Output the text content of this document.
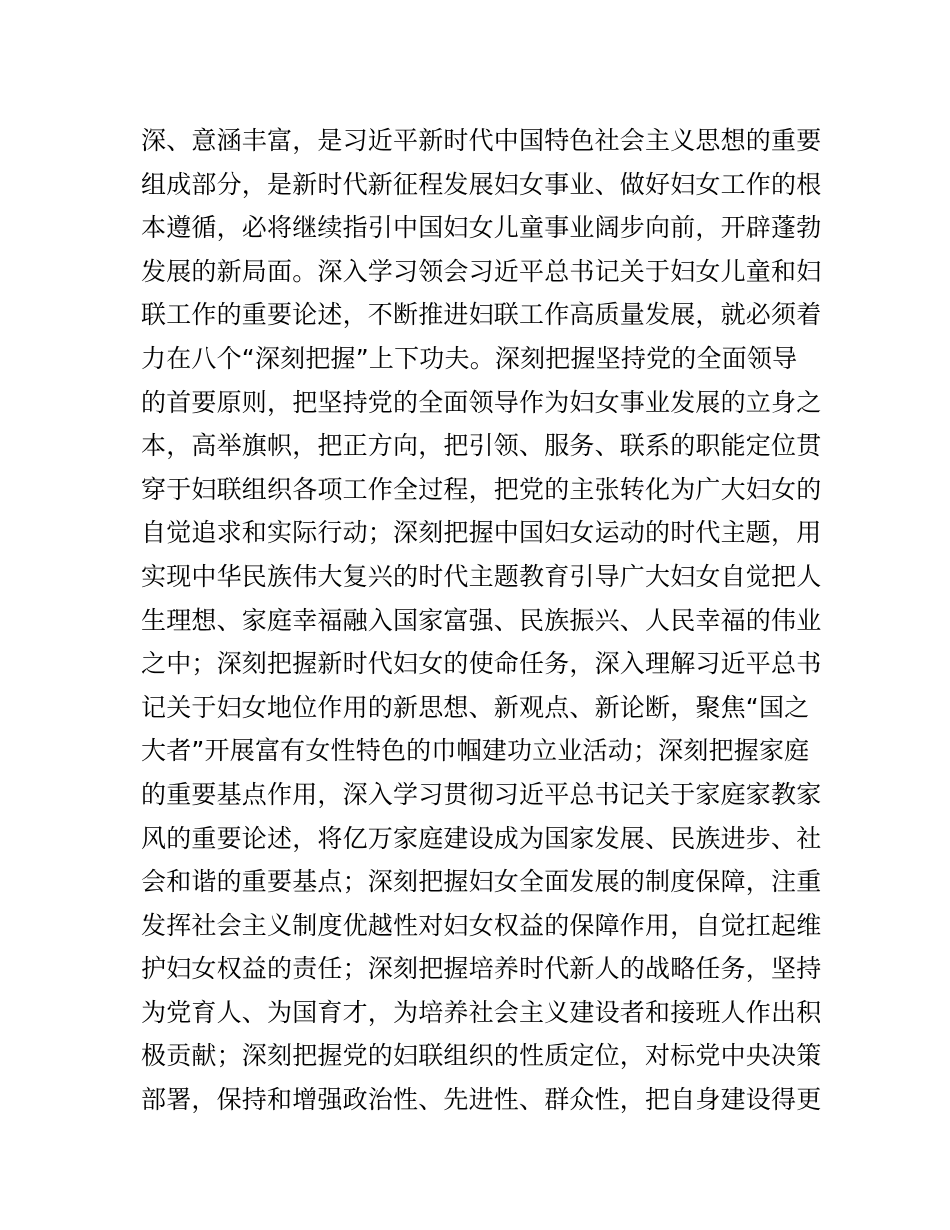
深、意涵丰富，是习近平新时代中国特色社会主义思想的重要
组成部分，是新时代新征程发展妇女事业、做好妇女工作的根
本遵循，必将继续指引中国妇女儿童事业阔步向前，开辟蓬勃
发展的新局面。深入学习领会习近平总书记关于妇女儿童和妇
联工作的重要论述，不断推进妇联工作高质量发展，就必须着
力在八个“深刻把握”上下功夫。深刻把握坚持党的全面领导
的首要原则，把坚持党的全面领导作为妇女事业发展的立身之
本，高举旗帜，把正方向，把引领、服务、联系的职能定位贯
穿于妇联组织各项工作全过程，把党的主张转化为广大妇女的
自觉追求和实际行动；深刻把握中国妇女运动的时代主题，用
实现中华民族伟大复兴的时代主题教育引导广大妇女自觉把人
生理想、家庭幸福融入国家富强、民族振兴、人民幸福的伟业
之中；深刻把握新时代妇女的使命任务，深入理解习近平总书
记关于妇女地位作用的新思想、新观点、新论断，聚焦“国之
大者”开展富有女性特色的巾帼建功立业活动；深刻把握家庭
的重要基点作用，深入学习贯彻习近平总书记关于家庭家教家
风的重要论述，将亿万家庭建设成为国家发展、民族进步、社
会和谐的重要基点；深刻把握妇女全面发展的制度保障，注重
发挥社会主义制度优越性对妇女权益的保障作用，自觉扛起维
护妇女权益的责任；深刻把握培养时代新人的战略任务，坚持
为党育人、为国育才，为培养社会主义建设者和接班人作出积
极贡献；深刻把握党的妇联组织的性质定位，对标党中央决策
部署，保持和增强政治性、先进性、群众性，把自身建设得更
